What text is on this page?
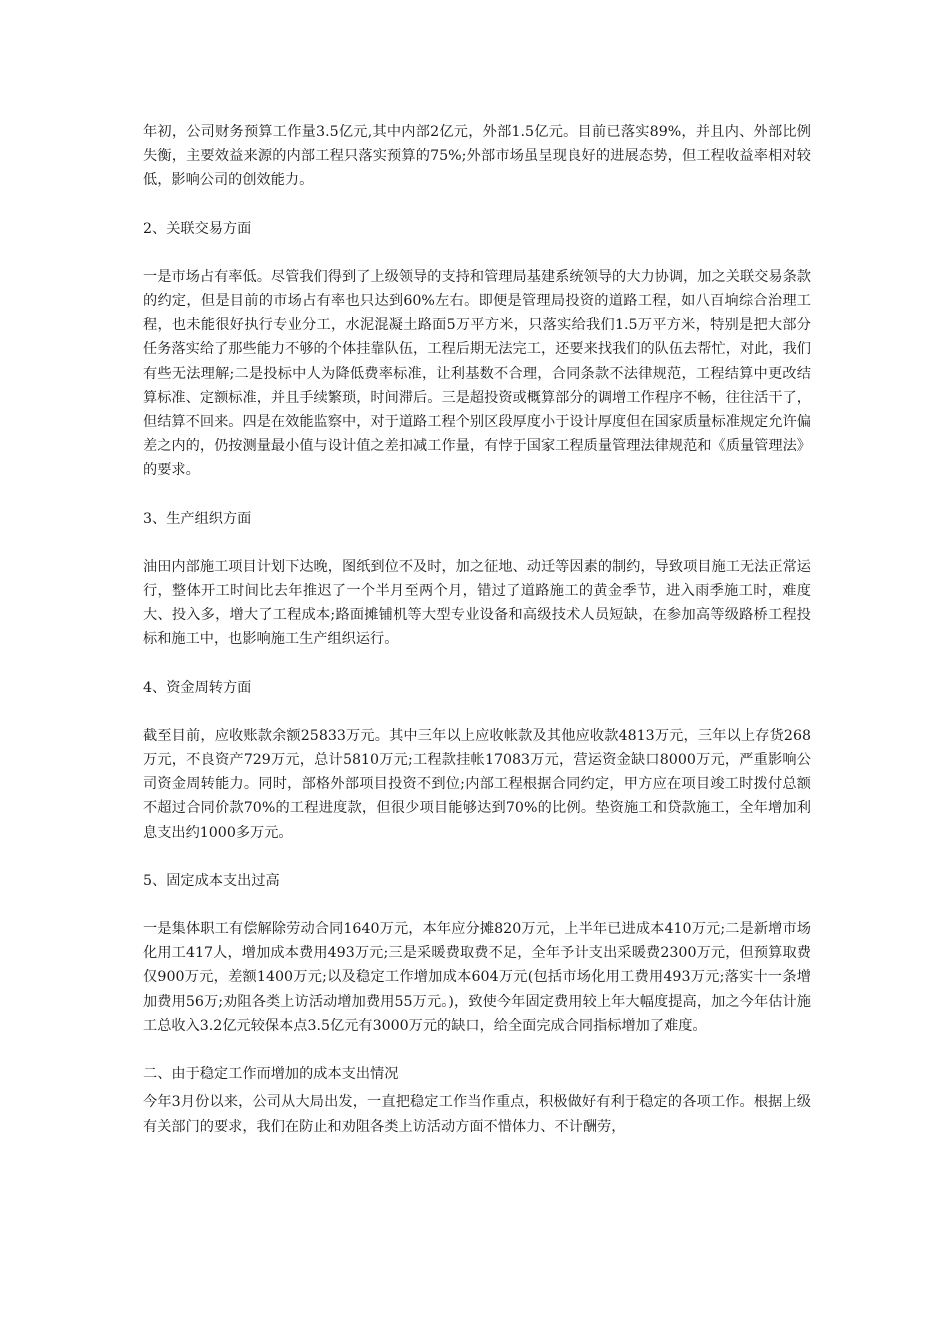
年初，公司财务预算工作量3.5亿元,其中内部2亿元，外部1.5亿元。目前已落实89%，并且内、外部比例失衡，主要效益来源的内部工程只落实预算的75%;外部市场虽呈现良好的进展态势，但工程收益率相对较低，影响公司的创效能力。

2、关联交易方面

一是市场占有率低。尽管我们得到了上级领导的支持和管理局基建系统领导的大力协调，加之关联交易条款的约定，但是目前的市场占有率也只达到60%左右。即便是管理局投资的道路工程，如八百垧综合治理工程，也未能很好执行专业分工，水泥混凝土路面5万平方米，只落实给我们1.5万平方米，特别是把大部分任务落实给了那些能力不够的个体挂靠队伍，工程后期无法完工，还要来找我们的队伍去帮忙，对此，我们有些无法理解;二是投标中人为降低费率标准，让利基数不合理，合同条款不法律规范，工程结算中更改结算标准、定额标准，并且手续繁琐，时间滞后。三是超投资或概算部分的调增工作程序不畅，往往活干了，但结算不回来。四是在效能监察中，对于道路工程个别区段厚度小于设计厚度但在国家质量标准规定允许偏差之内的，仍按测量最小值与设计值之差扣减工作量，有悖于国家工程质量管理法律规范和《质量管理法》的要求。

3、生产组织方面

油田内部施工项目计划下达晚，图纸到位不及时，加之征地、动迁等因素的制约，导致项目施工无法正常运行，整体开工时间比去年推迟了一个半月至两个月，错过了道路施工的黄金季节，进入雨季施工时，难度大、投入多，增大了工程成本;路面摊铺机等大型专业设备和高级技术人员短缺，在参加高等级路桥工程投标和施工中，也影响施工生产组织运行。

4、资金周转方面

截至目前，应收账款余额25833万元。其中三年以上应收帐款及其他应收款4813万元，三年以上存货268万元，不良资产729万元，总计5810万元;工程款挂帐17083万元，营运资金缺口8000万元，严重影响公司资金周转能力。同时，部格外部项目投资不到位;内部工程根据合同约定，甲方应在项目竣工时拨付总额不超过合同价款70%的工程进度款，但很少项目能够达到70%的比例。垫资施工和贷款施工，全年增加利息支出约1000多万元。

5、固定成本支出过高

一是集体职工有偿解除劳动合同1640万元，本年应分摊820万元，上半年已进成本410万元;二是新增市场化用工417人，增加成本费用493万元;三是采暖费取费不足，全年予计支出采暖费2300万元，但预算取费仅900万元，差额1400万元;以及稳定工作增加成本604万元(包括市场化用工费用493万元;落实十一条增加费用56万;劝阻各类上访活动增加费用55万元。)，致使今年固定费用较上年大幅度提高，加之今年估计施工总收入3.2亿元较保本点3.5亿元有3000万元的缺口，给全面完成合同指标增加了难度。

二、由于稳定工作而增加的成本支出情况

今年3月份以来，公司从大局出发，一直把稳定工作当作重点，积极做好有利于稳定的各项工作。根据上级有关部门的要求，我们在防止和劝阻各类上访活动方面不惜体力、不计酬劳，
